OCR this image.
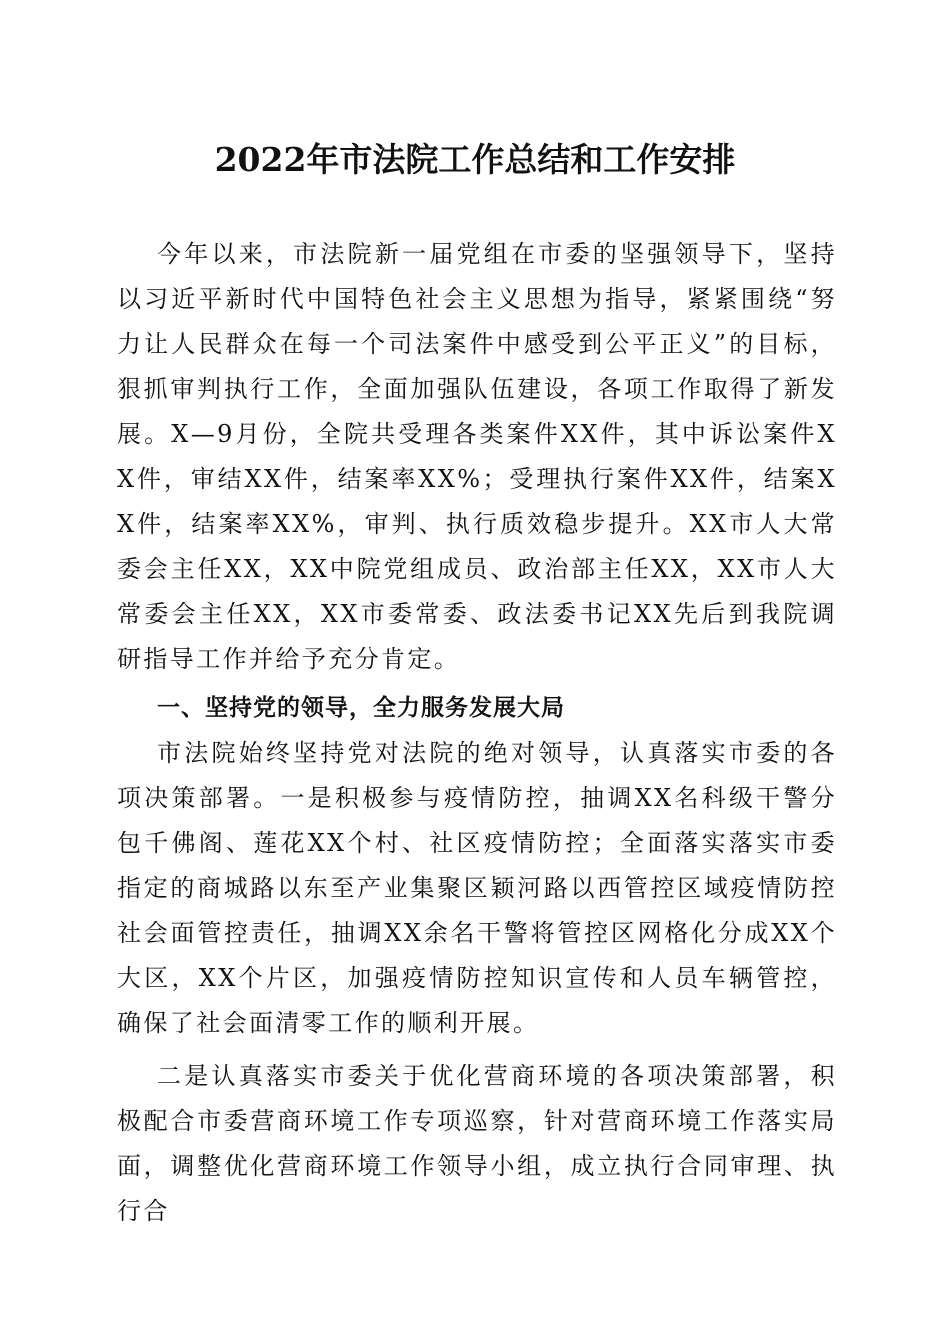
2022年市法院工作总结和工作安排

今年以来，市法院新一届党组在市委的坚强领导下，坚持以习近平新时代中国特色社会主义思想为指导，紧紧围绕“努力让人民群众在每一个司法案件中感受到公平正义”的目标，狠抓审判执行工作，全面加强队伍建设，各项工作取得了新发展。X—9月份，全院共受理各类案件XX件，其中诉讼案件XX件，审结XX件，结案率XX%；受理执行案件XX件，结案XX件，结案率XX%，审判、执行质效稳步提升。XX市人大常委会主任XX，XX中院党组成员、政治部主任XX，XX市人大常委会主任XX，XX市委常委、政法委书记XX先后到我院调研指导工作并给予充分肯定。

一、坚持党的领导，全力服务发展大局

市法院始终坚持党对法院的绝对领导，认真落实市委的各项决策部署。一是积极参与疫情防控，抽调XX名科级干警分包千佛阁、莲花XX个村、社区疫情防控；全面落实落实市委指定的商城路以东至产业集聚区颖河路以西管控区域疫情防控社会面管控责任，抽调XX余名干警将管控区网格化分成XX个大区，XX个片区，加强疫情防控知识宣传和人员车辆管控，确保了社会面清零工作的顺利开展。

二是认真落实市委关于优化营商环境的各项决策部署，积极配合市委营商环境工作专项巡察，针对营商环境工作落实局面，调整优化营商环境工作领导小组，成立执行合同审理、执行合
